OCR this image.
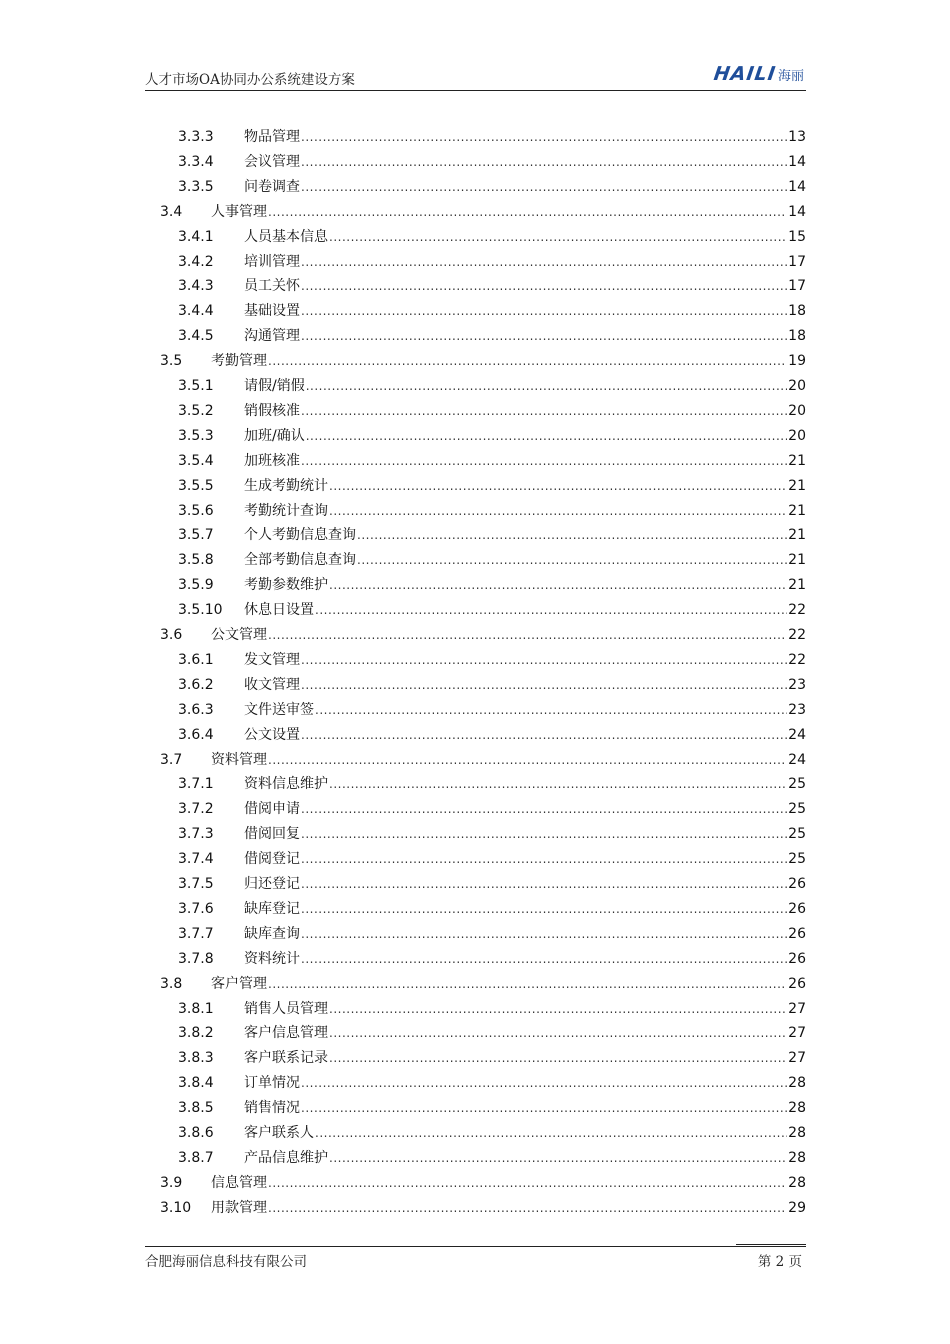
人才市场OA协同办公系统建设方案	HAILI 海丽
3.3.3	物品管理 .....	13
3.3.4	会议管理 .....	14
3.3.5	问卷调查 .....	14
3.4	人事管理 .....	14
3.4.1	人员基本信息 .....	15
3.4.2	培训管理 .....	17
3.4.3	员工关怀 .....	17
3.4.4	基础设置 .....	18
3.4.5	沟通管理 .....	18
3.5	考勤管理 .....	19
3.5.1	请假/销假 .....	20
3.5.2	销假核准 .....	20
3.5.3	加班/确认 .....	20
3.5.4	加班核准 .....	21
3.5.5	生成考勤统计 .....	21
3.5.6	考勤统计查询 .....	21
3.5.7	个人考勤信息查询 .....	21
3.5.8	全部考勤信息查询 .....	21
3.5.9	考勤参数维护 .....	21
3.5.10	休息日设置 .....	22
3.6	公文管理 .....	22
3.6.1	发文管理 .....	22
3.6.2	收文管理 .....	23
3.6.3	文件送审签 .....	23
3.6.4	公文设置 .....	24
3.7	资料管理 .....	24
3.7.1	资料信息维护 .....	25
3.7.2	借阅申请 .....	25
3.7.3	借阅回复 .....	25
3.7.4	借阅登记 .....	25
3.7.5	归还登记 .....	26
3.7.6	缺库登记 .....	26
3.7.7	缺库查询 .....	26
3.7.8	资料统计 .....	26
3.8	客户管理 .....	26
3.8.1	销售人员管理 .....	27
3.8.2	客户信息管理 .....	27
3.8.3	客户联系记录 .....	27
3.8.4	订单情况 .....	28
3.8.5	销售情况 .....	28
3.8.6	客户联系人 .....	28
3.8.7	产品信息维护 .....	28
3.9	信息管理 .....	28
3.10	用款管理 .....	29
合肥海丽信息科技有限公司	第 2 页
